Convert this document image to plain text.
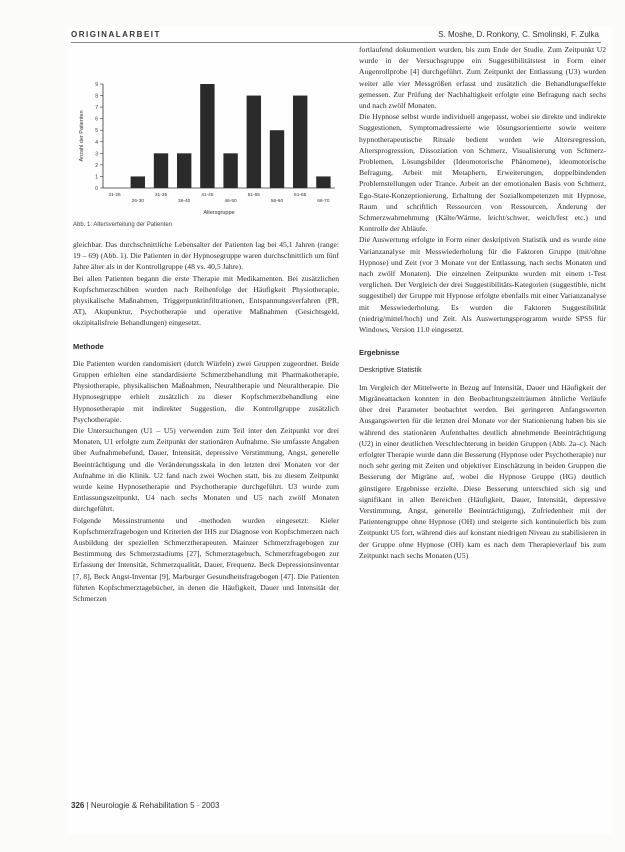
ORIGINALARBEIT	S. Moshe, D. Ronkony, C. Smolinski, F. Zulka
0
1
2
3
4
5
6
7
8
9
21-25
26-30
31-35
36-40
41-45
46-50
51-55
56-60
61-65
66-70
Anzahl der Patienten
Altersgruppe
Abb. 1: Altersverteilung der Patienten

gleichbar. Das durchschnittliche Lebensalter der Patienten lag bei 45,1 Jahren (range: 19 – 69) (Abb. 1). Die Patienten in der Hypnosegruppe waren durchschnittlich um fünf Jahre älter als in der Kontrollgruppe (48 vs. 40,5 Jahre).

Bei allen Patienten begann die erste Therapie mit Medikamenten. Bei zusätzlichen Kopfschmerzschüben wurden nach Reihenfolge der Häufigkeit Physiotherapie, physikalische Maßnahmen, Triggerpunktinfiltrationen, Entspannungsverfahren (PR, AT), Akupunktur, Psychotherapie und operative Maßnahmen (Gesichtsgeld, okzipitalisfreie Behandlungen) eingesetzt.

Methode

Die Patienten wurden randomisiert (durch Würfeln) zwei Gruppen zugeordnet. Beide Gruppen erhielten eine standardisierte Schmerzbehandlung mit Pharmakotherapie, Physiotherapie, physikalischen Maßnahmen, Neuraltherapie und Neuraltherapie. Die Hypnosegruppe erhielt zusätzlich zu dieser Kopfschmerzbehandlung eine Hypnosetherapie mit indirekter Suggestion, die Kontrollgruppe zusätzlich Psychotherapie.

Die Untersuchungen (U1 – U5) verwenden zum Teil inter den Zeitpunkt vor drei Monaten, U1 erfolgte zum Zeitpunkt der stationären Aufnahme. Sie umfasste Angaben über Aufnahmebefund, Dauer, Intensität, depressive Verstimmung, Angst, generelle Beeinträchtigung und die Veränderungsskala in den letzten drei Monaten vor der Aufnahme in die Klinik. U2 fand nach zwei Wochen statt, bis zu diesem Zeitpunkt wurde keine Hypnosetherapie und Psychotherapie durchgeführt. U3 wurde zum Entlassungszeitpunkt, U4 nach sechs Monaten und U5 nach zwölf Monaten durchgeführt.

Folgende Messinstrumente und -methoden wurden eingesetzt: Kieler Kopfschmerzfragebogen und Kriterien der IHS zur Diagnose von Kopfschmerzen nach Ausbildung der speziellen Schmerztherapeuten. Mainzer Schmerzfragebogen zur Bestimmung des Schmerzstadiums [27], Schmerztagebuch, Schmerzfragebogen zur Erfassung der Intensität, Schmerzqualität, Dauer, Frequenz. Beck Depressionsinventar [7, 8], Beck Angst-Inventar [9], Marburger Gesundheitsfragebogen [47]. Die Patienten führten Kopfschmerztagebücher, in denen die Häufigkeit, Dauer und Intensität der Schmerzen

fortlaufend dokumentiert wurden, bis zum Ende der Studie. Zum Zeitpunkt U2 wurde in der Versuchsgruppe ein Suggestibilitätstest in Form einer Augenrollprobe [4] durchgeführt. Zum Zeitpunkt der Entlassung (U3) wurden weiter alle vier Messgrößen erfasst und zusätzlich die Behandlungseffekte gemessen. Zur Prüfung der Nachhaltigkeit erfolgte eine Befragung nach sechs und nach zwölf Monaten.

Die Hypnose selbst wurde individuell angepasst, wobei sie direkte und indirekte Suggestionen, Symptomadressierte wie lösungsorientierte sowie weitere hypnotherapeutische Rituale bedient wurden wie Altersregression, Altersprogression, Dissoziation von Schmerz, Visualisierung von Schmerz-Problemen, Lösungsbilder (Ideomotorische Phänomene), ideomotorische Befragung, Arbeit mit Metaphern, Erweiterungen, doppelbindenden Problemstellungen oder Trance. Arbeit an der emotionalen Basis von Schmerz, Ego-State-Konzeptionierung, Erhaltung der Sozialkompetenzen mit Hypnose, Raum und schriftlich Ressourcen von Ressourcen, Änderung der Schmerzwahrnehmung (Kälte/Wärme, leicht/schwer, weich/fest etc.) und Kontrolle der Abläufe.

Die Auswertung erfolgte in Form einer deskriptiven Statistik und es wurde eine Varianzanalyse mit Messwiederholung für die Faktoren Gruppe (mit/ohne Hypnose) und Zeit (vor 3 Monate vor der Entlassung, nach sechs Monaten und nach zwölf Monaten). Die einzelnen Zeitpunkte wurden mit einem t-Test verglichen. Der Vergleich der drei Suggestibilitäts-Kategorien (suggestible, nicht suggestibel) der Gruppe mit Hypnose erfolgte ebenfalls mit einer Varianzanalyse mit Messwiederholung. Es wurden die Faktoren Suggestibilität (niedrig/mittel/hoch) und Zeit. Als Auswertungsprogramm wurde SPSS für Windows, Version 11.0 eingesetzt.

Ergebnisse

Deskriptive Statistik

Im Vergleich der Mittelwerte in Bezug auf Intensität, Dauer und Häufigkeit der Migräneattacken konnten in den Beobachtungszeiträumen ähnliche Verläufe über drei Parameter beobachtet werden. Bei geringeren Anfangswerten Ausgangswerten für die letzten drei Monate vor der Stationierung haben bis sie während des stationären Aufenthaltes deutlich abnehmende Beeinträchtigung (U2) in einer deutlichen Verschlechterung in beiden Gruppen (Abb. 2a–c). Nach erfolgter Therapie wurde dann die Besserung (Hypnose oder Psychotherapie) nur noch sehr gering mit Zeiten und objektiver Einschätzung in beiden Gruppen die Besserung der Migräne auf, wobei die Hypnose Gruppe (HG) deutlich günstigere Ergebnisse erzielte. Diese Besserung unterschied sich sig und signifikant in allen Bereichen (Häufigkeit, Dauer, Intensität, depressive Verstimmung, Angst, generelle Beeinträchtigung), Zufriedenheit mit der Patientengruppe ohne Hypnose (OH) und steigerte sich kontinuierlich bis zum Zeitpunkt U5 fort, während dies auf konstant niedrigen Niveau zu stabilisieren in der Gruppe ohne Hypnose (OH) kam es nach dem Therapieverlauf bis zum Zeitpunkt nach sechs Monaten (U5)

326 | Neurologie & Rehabilitation 5 · 2003
